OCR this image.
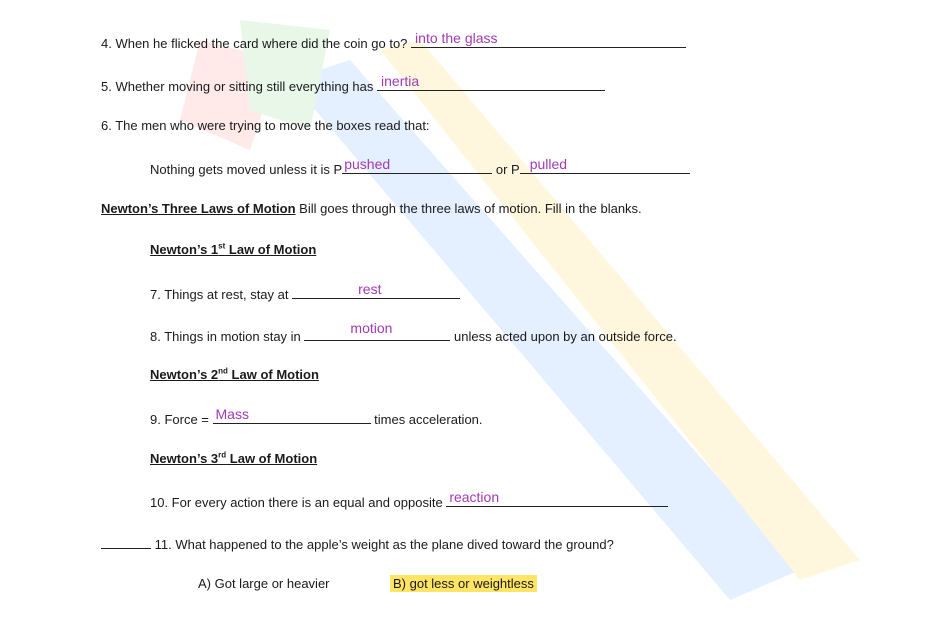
4. When he flicked the card where did the coin go to? into the glass
5. Whether moving or sitting still everything has inertia
6. The men who were trying to move the boxes read that:
Nothing gets moved unless it is P pushed	or P pulled
Newton’s Three Laws of Motion Bill goes through the three laws of motion. Fill in the blanks.
Newton’s 1st Law of Motion
7. Things at rest, stay at	rest
8. Things in motion stay in
motion
unless acted upon by an outside force.
Newton’s 2nd Law of Motion
9. Force = Mass	times acceleration.
Newton’s 3rd Law of Motion
10. For every action there is an equal and opposite reaction
11. What happened to the apple’s weight as the plane dived toward the ground?
A) Got large or heavier	B) got less or weightless
